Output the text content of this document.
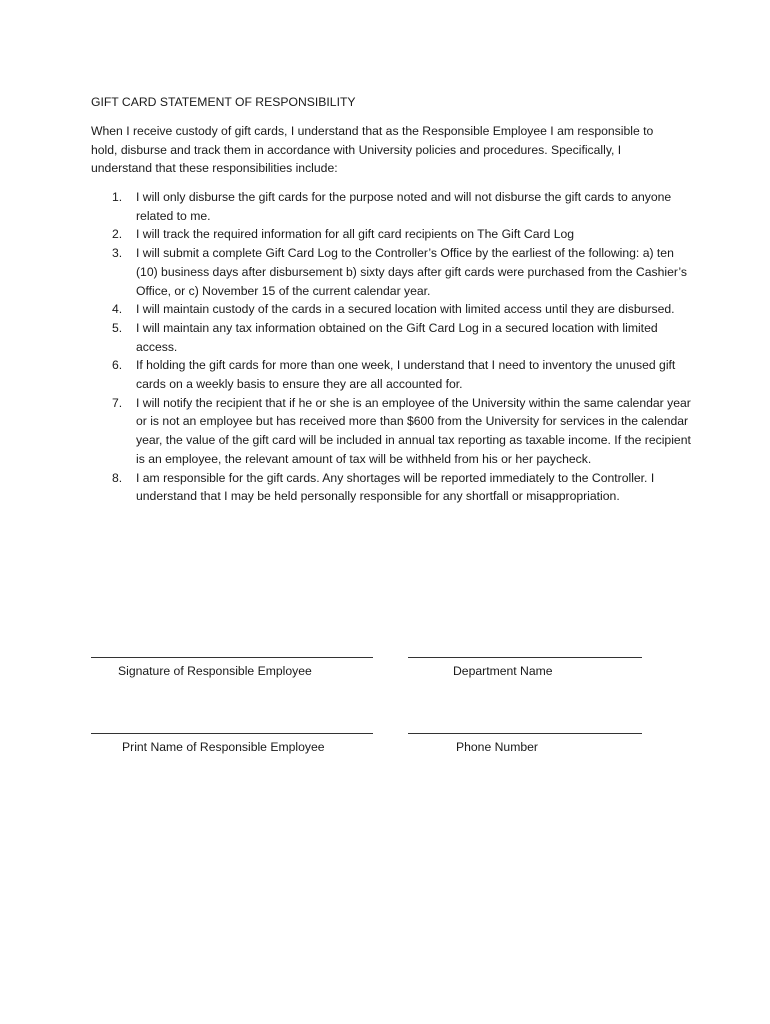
GIFT CARD STATEMENT OF RESPONSIBILITY
When I receive custody of gift cards, I understand that as the Responsible Employee I am responsible to hold, disburse and track them in accordance with University policies and procedures. Specifically, I understand that these responsibilities include:
1. I will only disburse the gift cards for the purpose noted and will not disburse the gift cards to anyone related to me.
2. I will track the required information for all gift card recipients on The Gift Card Log
3. I will submit a complete Gift Card Log to the Controller’s Office by the earliest of the following: a) ten (10) business days after disbursement b) sixty days after gift cards were purchased from the Cashier’s Office, or c) November 15 of the current calendar year.
4. I will maintain custody of the cards in a secured location with limited access until they are disbursed.
5. I will maintain any tax information obtained on the Gift Card Log in a secured location with limited access.
6. If holding the gift cards for more than one week, I understand that I need to inventory the unused gift cards on a weekly basis to ensure they are all accounted for.
7. I will notify the recipient that if he or she is an employee of the University within the same calendar year or is not an employee but has received more than $600 from the University for services in the calendar year, the value of the gift card will be included in annual tax reporting as taxable income. If the recipient is an employee, the relevant amount of tax will be withheld from his or her paycheck.
8. I am responsible for the gift cards. Any shortages will be reported immediately to the Controller. I understand that I may be held personally responsible for any shortfall or misappropriation.
Signature of Responsible Employee	Department Name
Print Name of Responsible Employee	Phone Number
